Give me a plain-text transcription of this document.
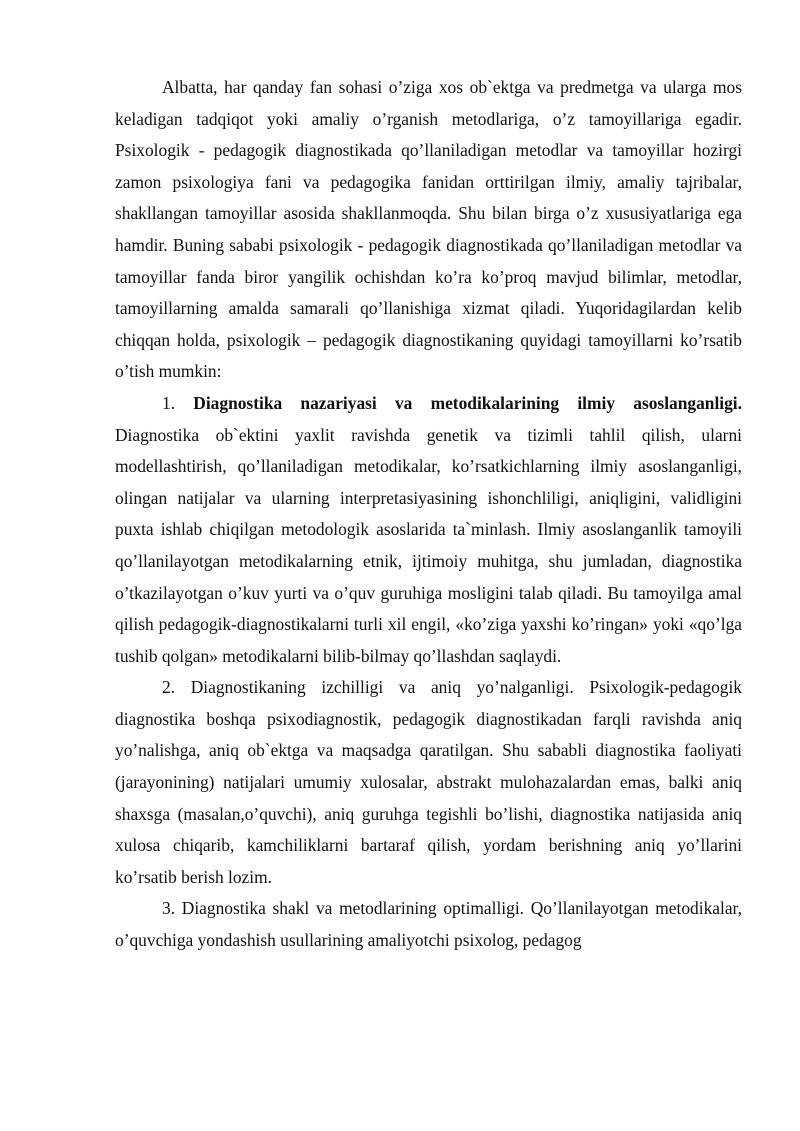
Albatta, har qanday fan sohasi o’ziga xos ob`ektga va predmetga va ularga mos keladigan tadqiqot yoki amaliy o’rganish metodlariga, o’z tamoyillariga egadir. Psixologik - pedagogik diagnostikada qo’llaniladigan metodlar va tamoyillar hozirgi zamon psixologiya fani va pedagogika fanidan orttirilgan ilmiy, amaliy tajribalar, shakllangan tamoyillar asosida shakllanmoqda. Shu bilan birga o’z xususiyatlariga ega hamdir. Buning sababi psixologik - pedagogik diagnostikada qo’llaniladigan metodlar va tamoyillar fanda biror yangilik ochishdan ko’ra ko’proq mavjud bilimlar, metodlar, tamoyillarning amalda samarali qo’llanishiga xizmat qiladi. Yuqoridagilardan kelib chiqqan holda, psixologik – pedagogik diagnostikaning quyidagi tamoyillarni ko’rsatib o’tish mumkin:

1. Diagnostika nazariyasi va metodikalarining ilmiy asoslanganligi. Diagnostika ob`ektini yaxlit ravishda genetik va tizimli tahlil qilish, ularni modellashtirish, qo’llaniladigan metodikalar, ko’rsatkichlarning ilmiy asoslanganligi, olingan natijalar va ularning interpretasiyasining ishonchliligi, aniqligini, validligini puxta ishlab chiqilgan metodologik asoslarida ta`minlash. Ilmiy asoslanganlik tamoyili qo’llanilayotgan metodikalarning etnik, ijtimoiy muhitga, shu jumladan, diagnostika o’tkazilayotgan o’kuv yurti va o’quv guruhiga mosligini talab qiladi. Bu tamoyilga amal qilish pedagogik-diagnostikalarni turli xil engil, «ko’ziga yaxshi ko’ringan» yoki «qo’lga tushib qolgan» metodikalarni bilib-bilmay qo’llashdan saqlaydi.

2. Diagnostikaning izchilligi va aniq yo’nalganligi. Psixologik-pedagogik diagnostika boshqa psixodiagnostik, pedagogik diagnostikadan farqli ravishda aniq yo’nalishga, aniq ob`ektga va maqsadga qaratilgan. Shu sababli diagnostika faoliyati (jarayonining) natijalari umumiy xulosalar, abstrakt mulohazalardan emas, balki aniq shaxsga (masalan,o’quvchi), aniq guruhga tegishli bo’lishi, diagnostika natijasida aniq xulosa chiqarib, kamchiliklarni bartaraf qilish, yordam berishning aniq yo’llarini ko’rsatib berish lozim.

3. Diagnostika shakl va metodlarining optimalligi. Qo’llanilayotgan metodikalar, o’quvchiga yondashish usullarining amaliyotchi psixolog, pedagog
